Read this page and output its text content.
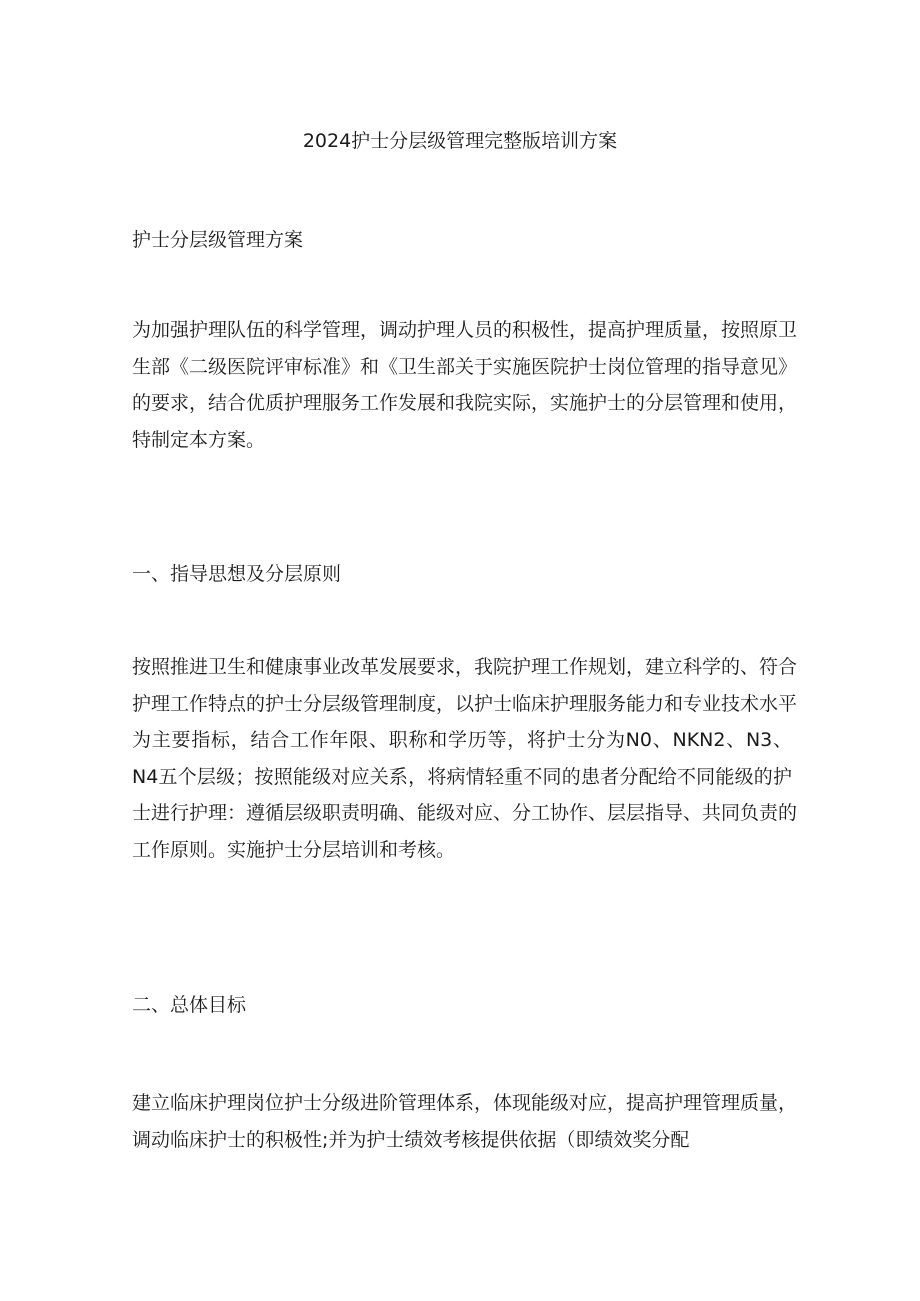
2024护士分层级管理完整版培训方案
护士分层级管理方案
为加强护理队伍的科学管理，调动护理人员的积极性，提高护理质量，按照原卫
生部《二级医院评审标准》和《卫生部关于实施医院护士岗位管理的指导意见》
的要求，结合优质护理服务工作发展和我院实际，实施护士的分层管理和使用，
特制定本方案。
一、指导思想及分层原则
按照推进卫生和健康事业改革发展要求，我院护理工作规划，建立科学的、符合
护理工作特点的护士分层级管理制度，以护士临床护理服务能力和专业技术水平
为主要指标，结合工作年限、职称和学历等，将护士分为N0、NKN2、N3、
N4五个层级；按照能级对应关系，将病情轻重不同的患者分配给不同能级的护
士进行护理：遵循层级职责明确、能级对应、分工协作、层层指导、共同负责的
工作原则。实施护士分层培训和考核。
二、总体目标
建立临床护理岗位护士分级进阶管理体系，体现能级对应，提高护理管理质量，
调动临床护士的积极性;并为护士绩效考核提供依据（即绩效奖分配
